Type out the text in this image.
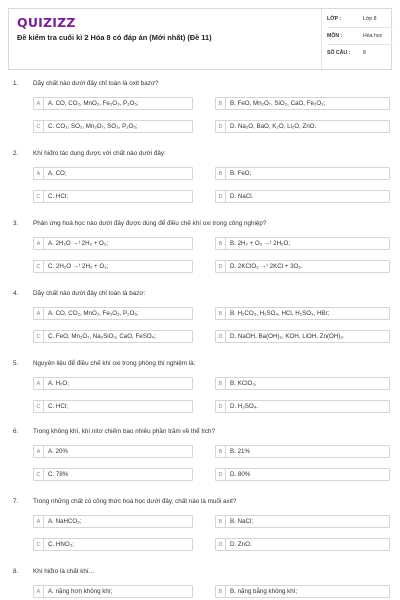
QUIZIZZ
Đề kiểm tra cuối kì 2 Hóa 8 có đáp án (Mới nhất) (Đề 11)
LỚP :	Lớp 8
MÔN :	Hóa học
SỐ CÂU : 8
1. Dãy chất nào dưới đây chỉ toàn là oxit bazơ?
A	A. CO, CO₂, MnO₂, Fe₂O₃, P₂O₅;	B	B. FeO, Mn₂O₇, SiO₂, CaO, Fe₂O₃;
C	C. CO₂, SO₂, Mn₂O₇, SO₃, P₂O₅;	D	D. Na₂O, BaO, K₂O, Li₂O, ZnO.
2. Khí hiđro tác dụng được với chất nào dưới đây:
A	A. CO;	B	B. FeO;
C	C. HCl;	D	D. NaCl.
3. Phản ứng hoá học nào dưới đây được dùng để điều chế khí oxi trong công nghiệp?
A	A. 2H₂O →ᵗ 2H₂ + O₂;	B	B. 2H₂ + O₂ →ᵗ 2H₂O;
C	C. 2H₂O →ᵗ 2H₂ + O₂;	D	D. 2KClO₃ →ᵗ 2KCl + 3O₂.
4. Dãy chất nào dưới đây chỉ toàn là bazơ:
A	A. CO, CO₂, MnO₂, Fe₂O₃, P₂O₅;	B	B. H₂CO₃, H₂SO₄, HCl, H₂SO₃, HBr;
C	C. FeO, Mn₂O₇, Na₂SiO₃, CaO, FeSO₄;	D	D. NaOH, Ba(OH)₂, KOH, LiOH, Zn(OH)₂.
5. Nguyên liệu để điều chế khí oxi trong phòng thí nghiệm là:
A	A. H₂O;	B	B. KClO₃;
C	C. HCl;	D	D. H₂SO₄.
6. Trong không khí, khí nitơ chiếm bao nhiêu phần trăm về thể tích?
A	A. 20%	B	B. 21%
C	C. 78%	D	D. 80%
7. Trong những chất có công thức hoá học dưới đây, chất nào là muối axit?
A	A. NaHCO₃;	B	B. NaCl;
C	C. HNO₃;	D	D. ZnO.
8. Khí hiđro là chất khí...
A	A. nặng hơn không khí;	B	B. nặng bằng không khí;
